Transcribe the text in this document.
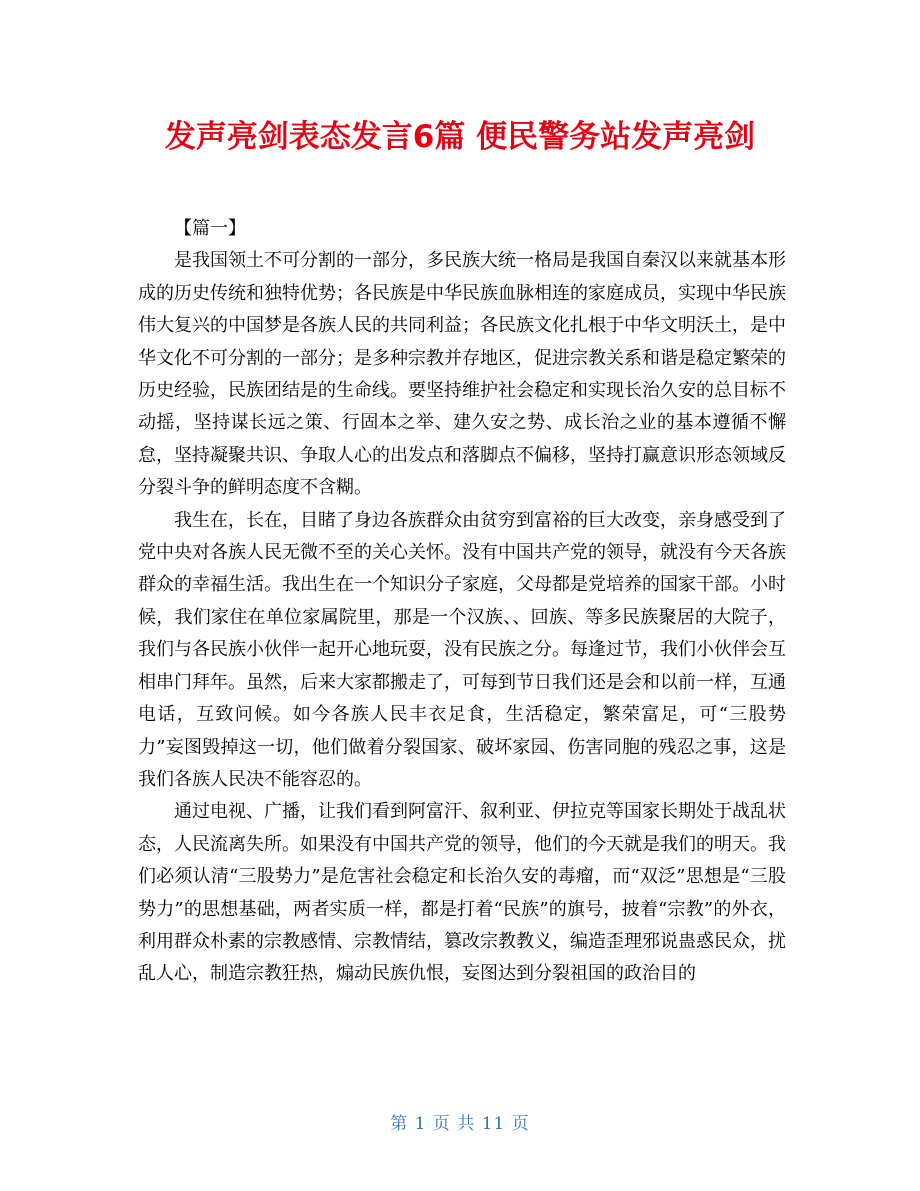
发声亮剑表态发言6篇 便民警务站发声亮剑

【篇一】

是我国领土不可分割的一部分，多民族大统一格局是我国自秦汉以来就基本形成的历史传统和独特优势；各民族是中华民族血脉相连的家庭成员，实现中华民族伟大复兴的中国梦是各族人民的共同利益；各民族文化扎根于中华文明沃土，是中华文化不可分割的一部分；是多种宗教并存地区，促进宗教关系和谐是稳定繁荣的历史经验，民族团结是的生命线。要坚持维护社会稳定和实现长治久安的总目标不动摇，坚持谋长远之策、行固本之举、建久安之势、成长治之业的基本遵循不懈怠，坚持凝聚共识、争取人心的出发点和落脚点不偏移，坚持打赢意识形态领域反分裂斗争的鲜明态度不含糊。

我生在，长在，目睹了身边各族群众由贫穷到富裕的巨大改变，亲身感受到了党中央对各族人民无微不至的关心关怀。没有中国共产党的领导，就没有今天各族群众的幸福生活。我出生在一个知识分子家庭，父母都是党培养的国家干部。小时候，我们家住在单位家属院里，那是一个汉族、、回族、等多民族聚居的大院子，我们与各民族小伙伴一起开心地玩耍，没有民族之分。每逢过节，我们小伙伴会互相串门拜年。虽然，后来大家都搬走了，可每到节日我们还是会和以前一样，互通电话，互致问候。如今各族人民丰衣足食，生活稳定，繁荣富足，可“三股势力”妄图毁掉这一切，他们做着分裂国家、破坏家园、伤害同胞的残忍之事，这是我们各族人民决不能容忍的。

通过电视、广播，让我们看到阿富汗、叙利亚、伊拉克等国家长期处于战乱状态，人民流离失所。如果没有中国共产党的领导，他们的今天就是我们的明天。我们必须认清“三股势力”是危害社会稳定和长治久安的毒瘤，而“双泛”思想是“三股势力”的思想基础，两者实质一样，都是打着“民族”的旗号，披着“宗教”的外衣，利用群众朴素的宗教感情、宗教情结，篡改宗教教义，编造歪理邪说蛊惑民众，扰乱人心，制造宗教狂热，煽动民族仇恨，妄图达到分裂祖国的政治目的

第 1 页 共 11 页
